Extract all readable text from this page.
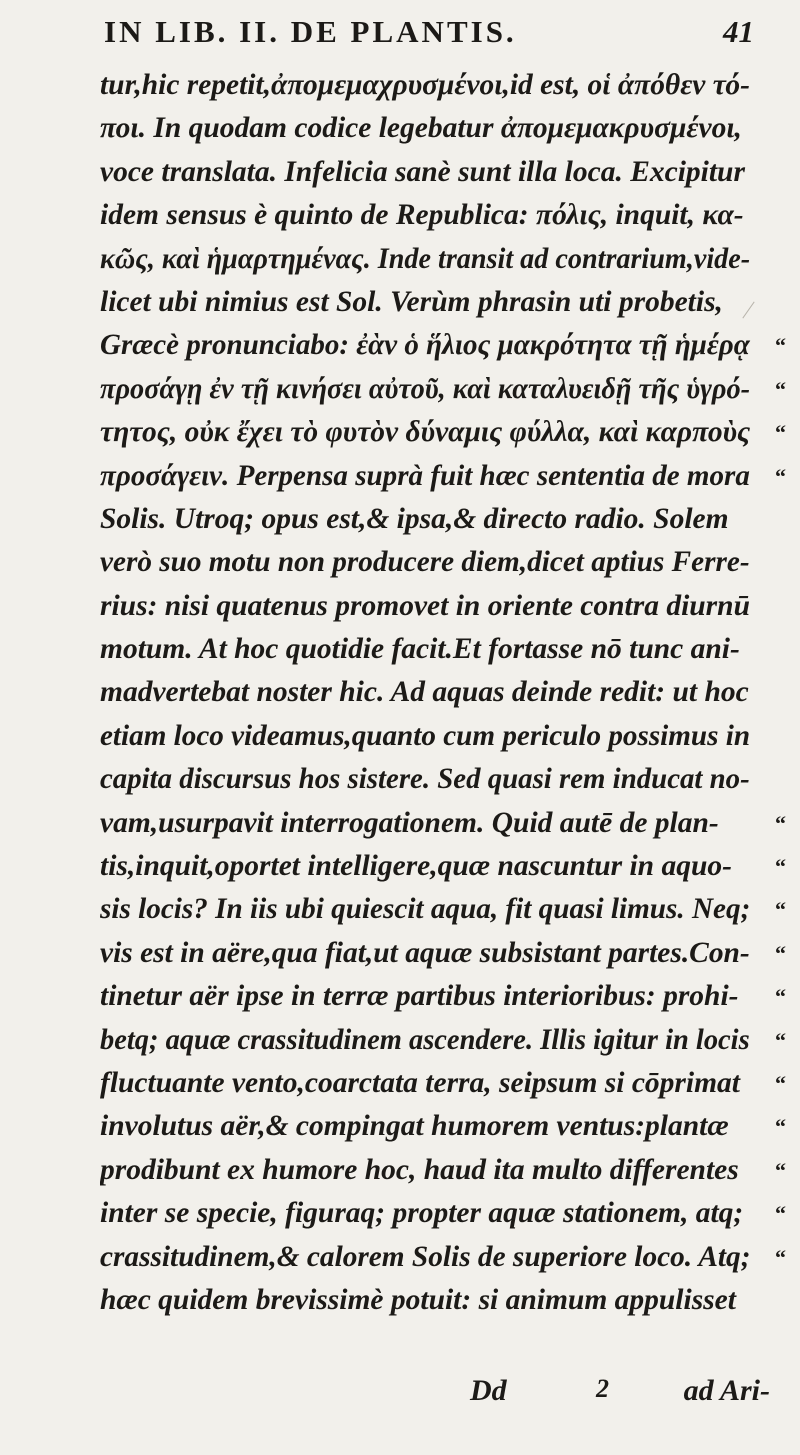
IN LIB. II. DE PLANTIS.	41
tur,hic repetit,ἀπομεμαχρυσμένοι,id est, οἱ ἀπόθεν τό-
ποι. In quodam codice legebatur ἀπομεμακρυσμένοι,
voce translata. Infelicia sanè sunt illa loca. Excipitur
idem sensus è quinto de Republica: πόλις, inquit, κα-
κῶς, καὶ ἡμαρτημένας. Inde transit ad contrarium,vide-
licet ubi nimius est Sol. Verùm phrasin uti probetis,
Græcè pronunciabo: ἐὰν ὁ ἥλιος μακρότητα τῇ ἡμέρᾳ “
προσάγῃ ἐν τῇ κινήσει αὐτοῦ, καὶ καταλυειδῇ τῆς ὑγρό- “
τητος, οὐκ ἔχει τὸ φυτὸν δύναμις φύλλα, καὶ καρποὺς “
προσάγειν. Perpensa suprà fuit hæc sententia de mora “
Solis. Utroq; opus est,& ipsa,& directo radio. Solem
verò suo motu non producere diem,dicet aptius Ferre-
rius: nisi quatenus promovet in oriente contra diurnū
motum. At hoc quotidie facit.Et fortasse nō tunc ani-
madvertebat noster hic. Ad aquas deinde redit: ut hoc
etiam loco videamus,quanto cum periculo possimus in
capita discursus hos sistere. Sed quasi rem inducat no-
vam,usurpavit interrogationem. Quid autē de plan-	“
tis,inquit,oportet intelligere,quæ nascuntur in aquo- “
sis locis? In iis ubi quiescit aqua, fit quasi limus. Neq; “
vis est in aëre,qua fiat,ut aquæ subsistant partes.Con- “
tinetur aër ipse in terræ partibus interioribus: prohi- “
betq; aquæ crassitudinem ascendere. Illis igitur in locis “
fluctuante vento,coarctata terra, seipsum si cōprimat “
involutus aër,& compingat humorem ventus:plantæ “
prodibunt ex humore hoc, haud ita multo differentes “
inter se specie, figuraq; propter aquæ stationem, atq; “
crassitudinem,& calorem Solis de superiore loco. Atq; “
hæc quidem brevissimè potuit: si animum appulisset
Dd	2 ad Ari-
